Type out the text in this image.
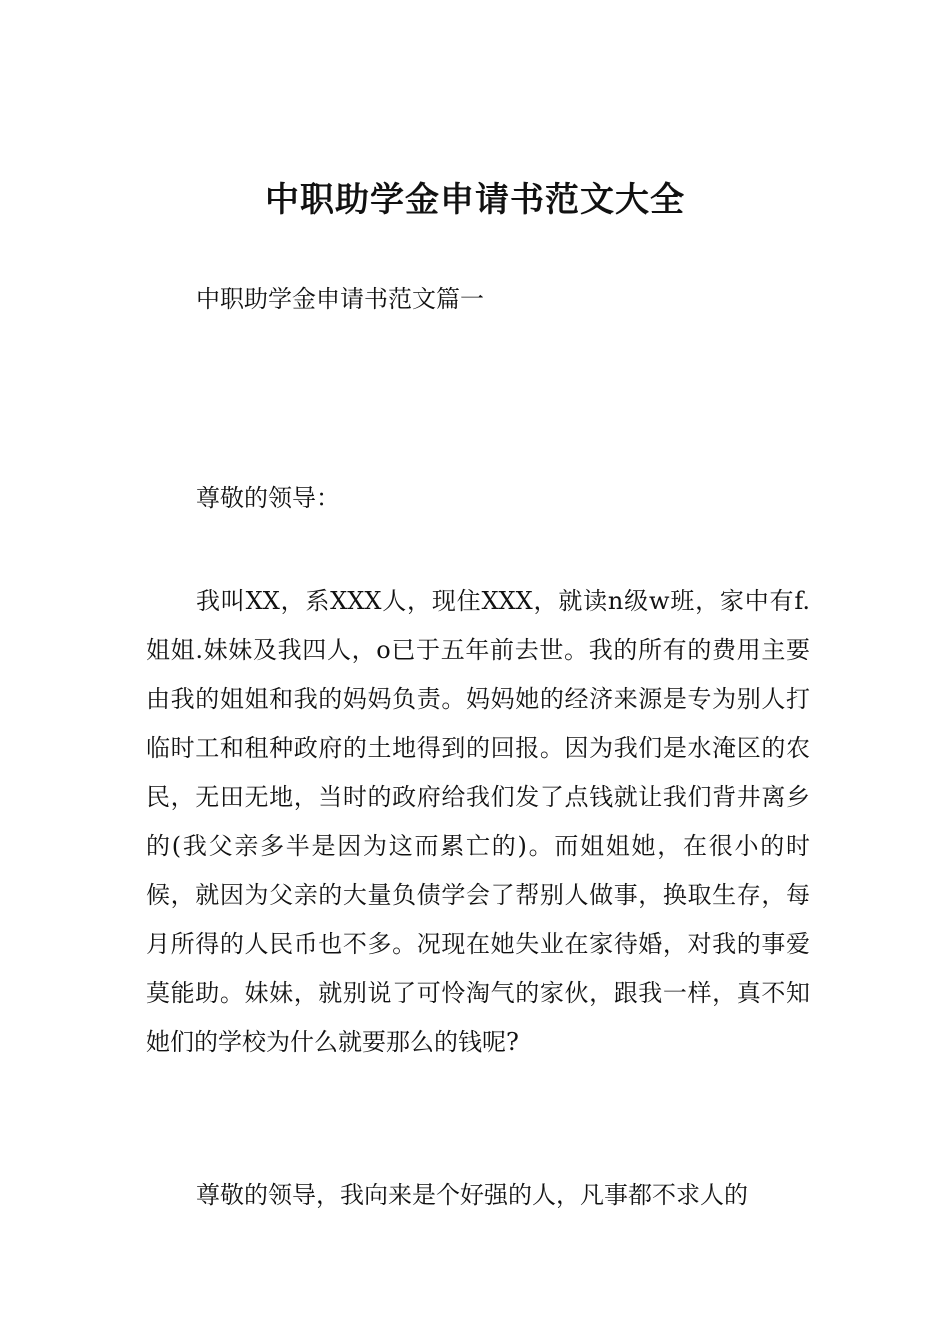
中职助学金申请书范文大全

中职助学金申请书范文篇一

尊敬的领导：

我叫XX，系XXX人，现住XXX，就读n级w班，家中有f.姐姐.妹妹及我四人，o已于五年前去世。我的所有的费用主要由我的姐姐和我的妈妈负责。妈妈她的经济来源是专为别人打临时工和租种政府的土地得到的回报。因为我们是水淹区的农民，无田无地，当时的政府给我们发了点钱就让我们背井离乡的(我父亲多半是因为这而累亡的)。而姐姐她，在很小的时候，就因为父亲的大量负债学会了帮别人做事，换取生存，每月所得的人民币也不多。况现在她失业在家待婚，对我的事爱莫能助。妹妹，就别说了可怜淘气的家伙，跟我一样，真不知她们的学校为什么就要那么的钱呢?

尊敬的领导，我向来是个好强的人，凡事都不求人的
